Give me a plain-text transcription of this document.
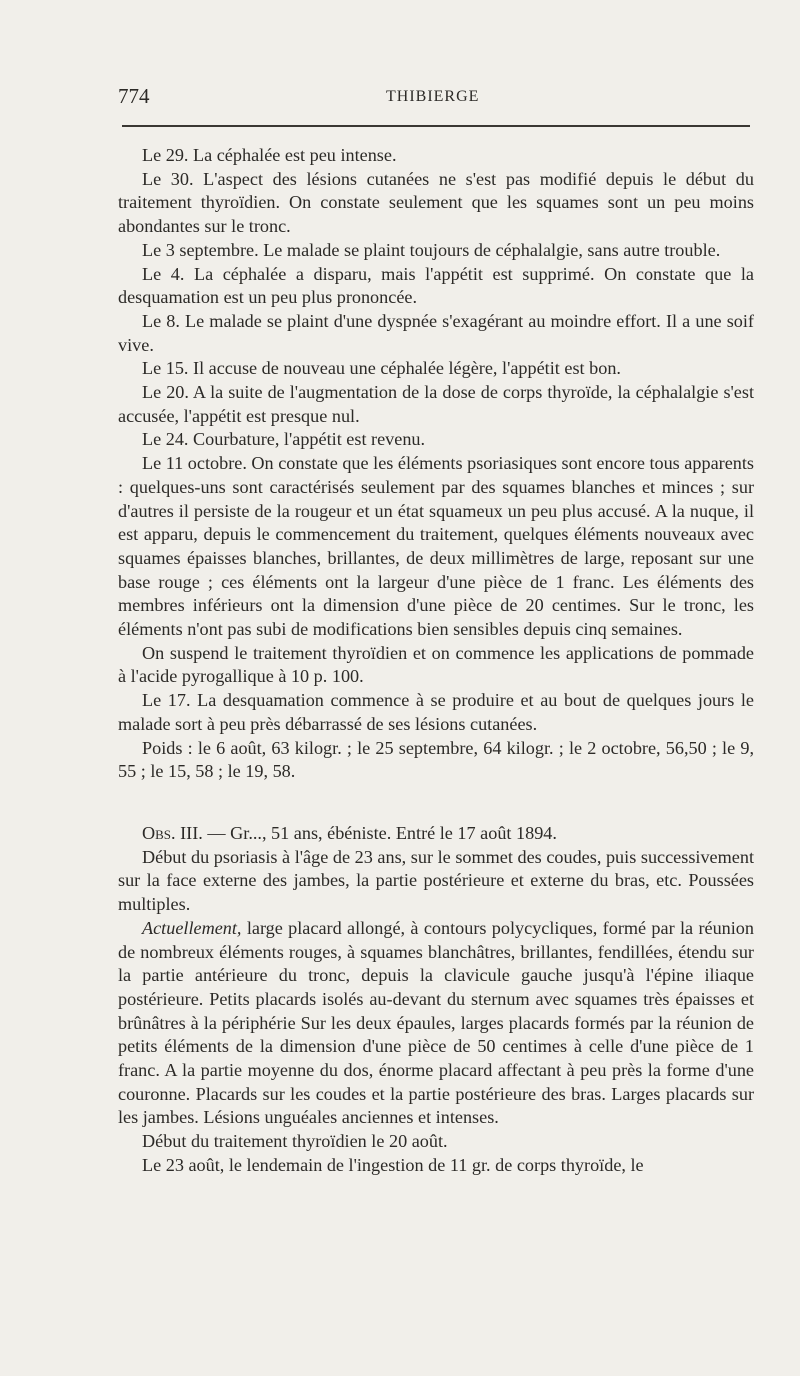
774	THIBIERGE

Le 29. La céphalée est peu intense.

Le 30. L'aspect des lésions cutanées ne s'est pas modifié depuis le début du traitement thyroïdien. On constate seulement que les squames sont un peu moins abondantes sur le tronc.

Le 3 septembre. Le malade se plaint toujours de céphalalgie, sans autre trouble.

Le 4. La céphalée a disparu, mais l'appétit est supprimé. On constate que la desquamation est un peu plus prononcée.

Le 8. Le malade se plaint d'une dyspnée s'exagérant au moindre effort. Il a une soif vive.

Le 15. Il accuse de nouveau une céphalée légère, l'appétit est bon.

Le 20. A la suite de l'augmentation de la dose de corps thyroïde, la céphalalgie s'est accusée, l'appétit est presque nul.

Le 24. Courbature, l'appétit est revenu.

Le 11 octobre. On constate que les éléments psoriasiques sont encore tous apparents : quelques-uns sont caractérisés seulement par des squames blanches et minces ; sur d'autres il persiste de la rougeur et un état squameux un peu plus accusé. A la nuque, il est apparu, depuis le commencement du traitement, quelques éléments nouveaux avec squames épaisses blanches, brillantes, de deux millimètres de large, reposant sur une base rouge ; ces éléments ont la largeur d'une pièce de 1 franc. Les éléments des membres inférieurs ont la dimension d'une pièce de 20 centimes. Sur le tronc, les éléments n'ont pas subi de modifications bien sensibles depuis cinq semaines.

On suspend le traitement thyroïdien et on commence les applications de pommade à l'acide pyrogallique à 10 p. 100.

Le 17. La desquamation commence à se produire et au bout de quelques jours le malade sort à peu près débarrassé de ses lésions cutanées.

Poids : le 6 août, 63 kilogr. ; le 25 septembre, 64 kilogr. ; le 2 octobre, 56,50 ; le 9, 55 ; le 15, 58 ; le 19, 58.

Obs. III. — Gr..., 51 ans, ébéniste. Entré le 17 août 1894.

Début du psoriasis à l'âge de 23 ans, sur le sommet des coudes, puis successivement sur la face externe des jambes, la partie postérieure et externe du bras, etc. Poussées multiples.

Actuellement, large placard allongé, à contours polycycliques, formé par la réunion de nombreux éléments rouges, à squames blanchâtres, brillantes, fendillées, étendu sur la partie antérieure du tronc, depuis la clavicule gauche jusqu'à l'épine iliaque postérieure. Petits placards isolés au-devant du sternum avec squames très épaisses et brûnâtres à la périphérie Sur les deux épaules, larges placards formés par la réunion de petits éléments de la dimension d'une pièce de 50 centimes à celle d'une pièce de 1 franc. A la partie moyenne du dos, énorme placard affectant à peu près la forme d'une couronne. Placards sur les coudes et la partie postérieure des bras. Larges placards sur les jambes. Lésions unguéales anciennes et intenses.

Début du traitement thyroïdien le 20 août.

Le 23 août, le lendemain de l'ingestion de 11 gr. de corps thyroïde, le
